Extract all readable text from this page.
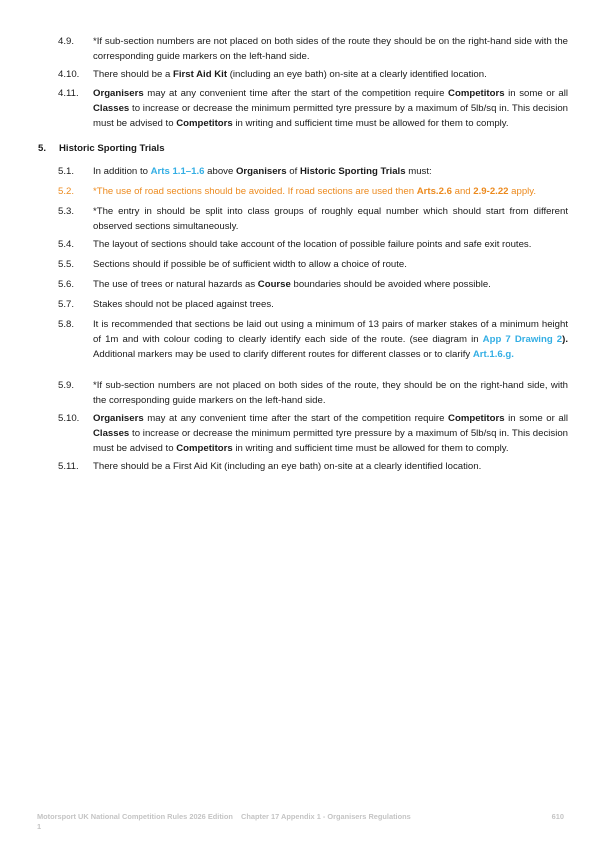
4.9.	*If sub-section numbers are not placed on both sides of the route they should be on the right-hand side with the corresponding guide markers on the left-hand side.
4.10.	There should be a First Aid Kit (including an eye bath) on-site at a clearly identified location.
4.11.	Organisers may at any convenient time after the start of the competition require Competitors in some or all Classes to increase or decrease the minimum permitted tyre pressure by a maximum of 5lb/sq in. This decision must be advised to Competitors in writing and sufficient time must be allowed for them to comply.
5. Historic Sporting Trials
5.1.	In addition to Arts 1.1–1.6 above Organisers of Historic Sporting Trials must:
5.2.	*The use of road sections should be avoided. If road sections are used then Arts.2.6 and 2.9-2.22 apply.
5.3.	*The entry in should be split into class groups of roughly equal number which should start from different observed sections simultaneously.
5.4.	The layout of sections should take account of the location of possible failure points and safe exit routes.
5.5.	Sections should if possible be of sufficient width to allow a choice of route.
5.6.	The use of trees or natural hazards as Course boundaries should be avoided where possible.
5.7.	Stakes should not be placed against trees.
5.8.	It is recommended that sections be laid out using a minimum of 13 pairs of marker stakes of a minimum height of 1m and with colour coding to clearly identify each side of the route. (see diagram in App 7 Drawing 2). Additional markers may be used to clarify different routes for different classes or to clarify Art.1.6.g.
5.9.	*If sub-section numbers are not placed on both sides of the route, they should be on the right-hand side, with the corresponding guide markers on the left-hand side.
5.10.	Organisers may at any convenient time after the start of the competition require Competitors in some or all Classes to increase or decrease the minimum permitted tyre pressure by a maximum of 5lb/sq in. This decision must be advised to Competitors in writing and sufficient time must be allowed for them to comply.
5.11.	There should be a First Aid Kit (including an eye bath) on-site at a clearly identified location.
Motorsport UK National Competition Rules 2026 Edition 1
Chapter 17 Appendix 1 - Organisers Regulations	610
